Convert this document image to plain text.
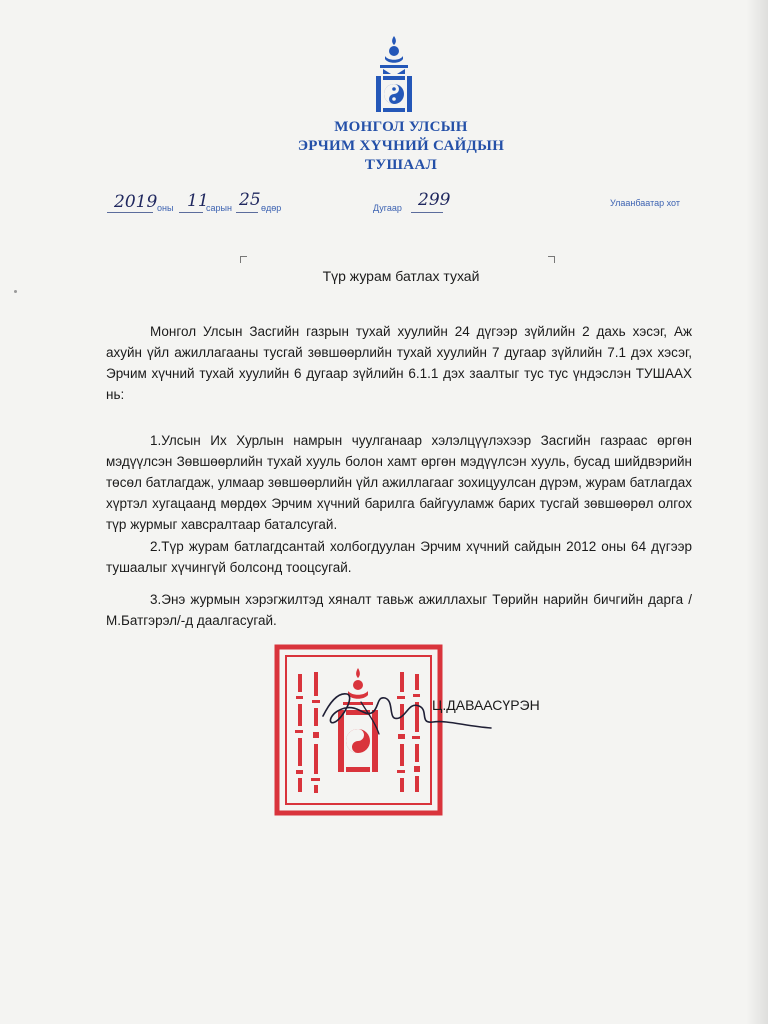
МОНГОЛ УЛСЫН
ЭРЧИМ ХҮЧНИЙ САЙДЫН
ТУШААЛ
2019 оны 11
сарын 25 өдөр	Дугаар 299	Улаанбаатар хот
Түр журам батлах тухай

Монгол Улсын Засгийн газрын тухай хуулийн 24 дүгээр зүйлийн 2 дахь хэсэг, Аж ахуйн үйл ажиллагааны тусгай зөвшөөрлийн тухай хуулийн 7 дугаар зүйлийн 7.1 дэх хэсэг, Эрчим хүчний тухай хуулийн 6 дугаар зүйлийн 6.1.1 дэх заалтыг тус тус үндэслэн ТУШААХ нь:

1.Улсын Их Хурлын намрын чуулганаар хэлэлцүүлэхээр Засгийн газраас өргөн мэдүүлсэн Зөвшөөрлийн тухай хууль болон хамт өргөн мэдүүлсэн хууль, бусад шийдвэрийн төсөл батлагдаж, улмаар зөвшөөрлийн үйл ажиллагааг зохицуулсан дүрэм, журам батлагдах хүртэл хугацаанд мөрдөх Эрчим хүчний барилга байгууламж барих тусгай зөвшөөрөл олгох түр журмыг хавсралтаар баталсугай.

2.Түр журам батлагдсантай холбогдуулан Эрчим хүчний сайдын 2012 оны 64 дүгээр тушаалыг хүчингүй болсонд тооцсугай.

3.Энэ журмын хэрэгжилтэд хяналт тавьж ажиллахыг Төрийн нарийн бичгийн дарга /М.Батгэрэл/-д даалгасугай.

Ц.ДАВААСҮРЭН
